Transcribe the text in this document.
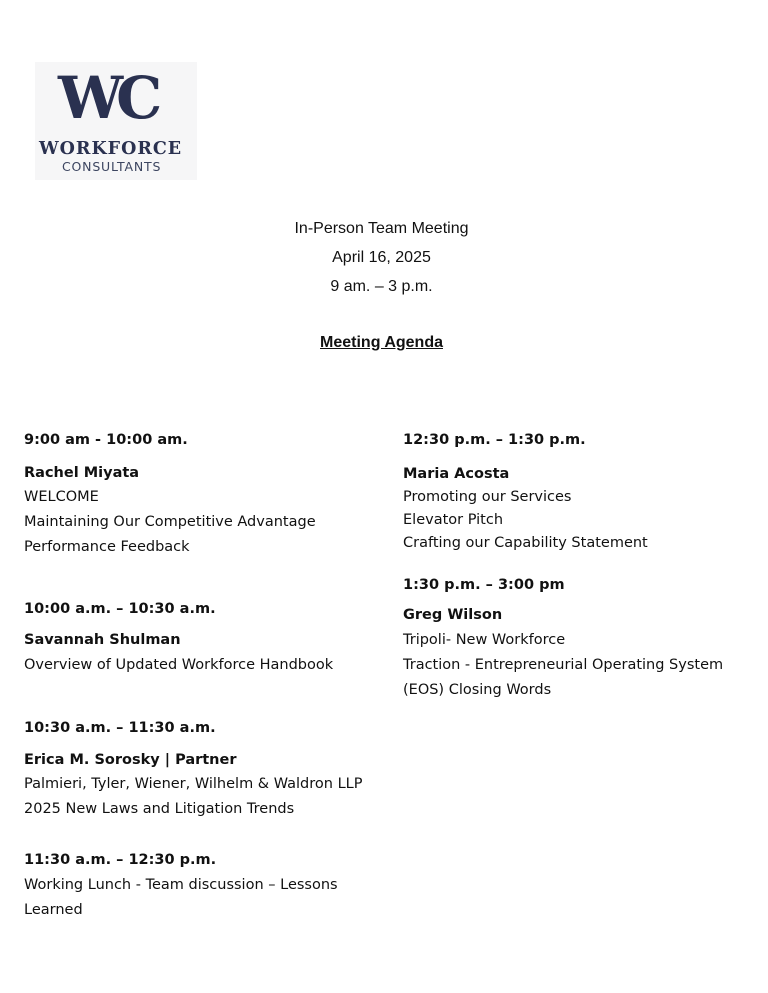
WC
WORKFORCE
CONSULTANTS
In-Person Team Meeting
April 16, 2025
9 am. – 3 p.m.
Meeting Agenda
9:00 am - 10:00 am.
Rachel Miyata
WELCOME
Maintaining Our Competitive Advantage
Performance Feedback
10:00 a.m. – 10:30 a.m.
Savannah Shulman
Overview of Updated Workforce Handbook
10:30 a.m. – 11:30 a.m.
Erica M. Sorosky | Partner
Palmieri, Tyler, Wiener, Wilhelm & Waldron LLP
2025 New Laws and Litigation Trends
11:30 a.m. – 12:30 p.m.
Working Lunch - Team discussion – Lessons
Learned
12:30 p.m. – 1:30 p.m.
Maria Acosta
Promoting our Services
Elevator Pitch
Crafting our Capability Statement
1:30 p.m. – 3:00 pm
Greg Wilson
Tripoli- New Workforce
Traction - Entrepreneurial Operating System
(EOS) Closing Words
